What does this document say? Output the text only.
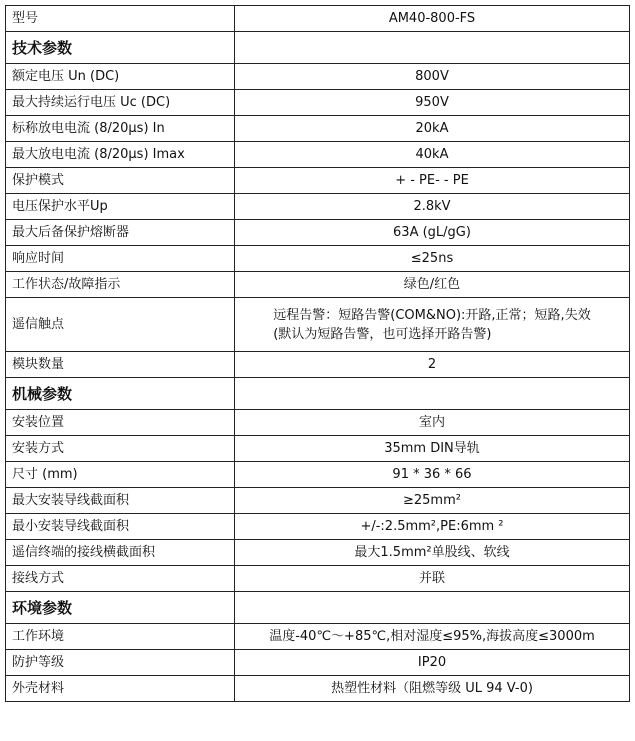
型号	AM40-800-FS
技术参数	
额定电压 Un (DC)	800V
最大持续运行电压 Uc (DC)	950V
标称放电电流 (8/20μs) In	20kA
最大放电电流 (8/20μs) Imax	40kA
保护模式	+ - PE- - PE
电压保护水平Up	2.8kV
最大后备保护熔断器	63A (gL/gG)
响应时间	≤25ns
工作状态/故障指示	绿色/红色
遥信触点	远程告警：短路告警(COM&NO):开路,正常；短路,失效
(默认为短路告警，也可选择开路告警)
模块数量	2
机械参数	
安装位置	室内
安装方式	35mm DIN导轨
尺寸 (mm)	91 * 36 * 66
最大安装导线截面积	≥25mm²
最小安装导线截面积	+/-:2.5mm²,PE:6mm ²
遥信终端的接线横截面积	最大1.5mm²单股线、软线
接线方式	并联
环境参数	
工作环境	温度-40℃～+85℃,相对湿度≤95%,海拔高度≤3000m
防护等级	IP20
外壳材料	热塑性材料（阻燃等级 UL 94 V-0)
